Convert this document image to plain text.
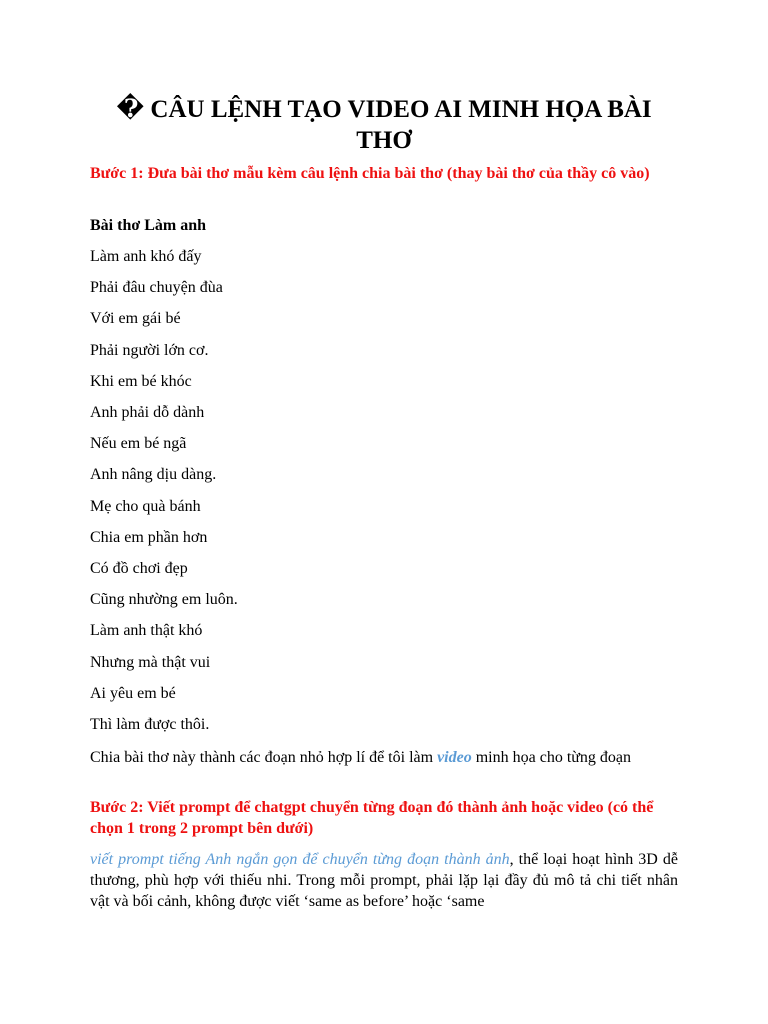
� CÂU LỆNH TẠO VIDEO AI MINH HỌA BÀI THƠ
Bước 1: Đưa bài thơ mẫu kèm câu lệnh chia bài thơ (thay bài thơ của thầy cô vào)
Bài thơ Làm anh
Làm anh khó đấy
Phải đâu chuyện đùa
Với em gái bé
Phải người lớn cơ.
Khi em bé khóc
Anh phải dỗ dành
Nếu em bé ngã
Anh nâng dịu dàng.
Mẹ cho quà bánh
Chia em phần hơn
Có đồ chơi đẹp
Cũng nhường em luôn.
Làm anh thật khó
Nhưng mà thật vui
Ai yêu em bé
Thì làm được thôi.
Chia bài thơ này thành các đoạn nhỏ hợp lí để tôi làm video minh họa cho từng đoạn
Bước 2: Viết prompt để chatgpt chuyển từng đoạn đó thành ảnh hoặc video (có thể chọn 1 trong 2 prompt bên dưới)
viết prompt tiếng Anh ngắn gọn để chuyển từng đoạn thành ảnh, thể loại hoạt hình 3D dễ thương, phù hợp với thiếu nhi. Trong mỗi prompt, phải lặp lại đầy đủ mô tả chi tiết nhân vật và bối cảnh, không được viết ‘same as before’ hoặc ‘same
